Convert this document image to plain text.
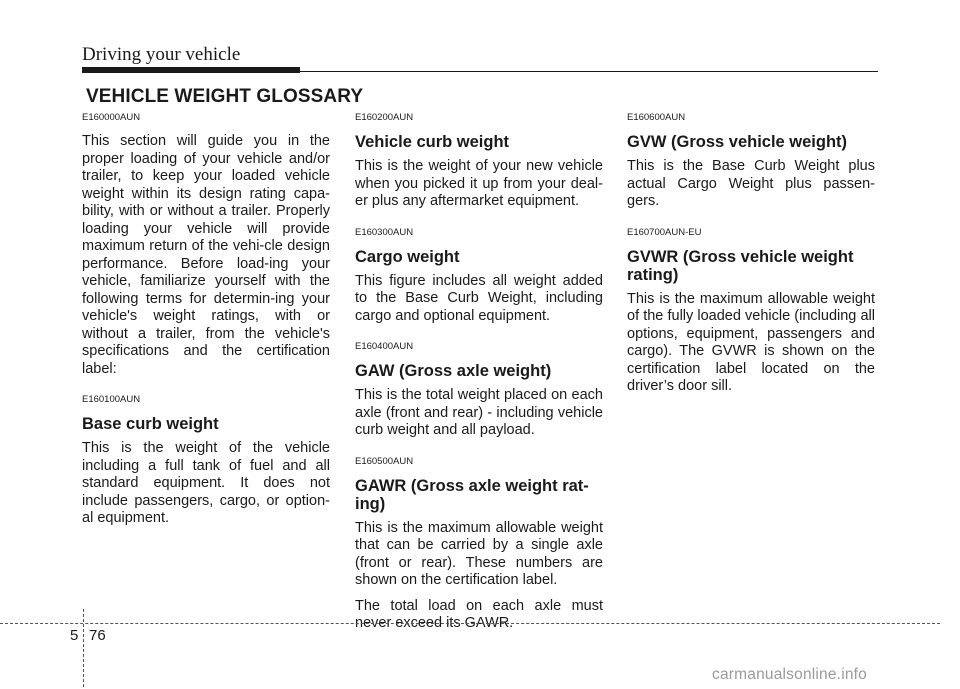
Driving your vehicle
VEHICLE WEIGHT GLOSSARY

E160000AUN

This section will guide you in the proper loading of your vehicle and/or trailer, to keep your loaded vehicle weight within its design rating capa-bility, with or without a trailer. Properly loading your vehicle will provide maximum return of the vehi-cle design performance. Before load-ing your vehicle, familiarize yourself with the following terms for determin-ing your vehicle's weight ratings, with or without a trailer, from the vehicle's specifications and the certification label:

E160100AUN

Base curb weight

This is the weight of the vehicle including a full tank of fuel and all standard equipment. It does not include passengers, cargo, or option-al equipment.

E160200AUN

Vehicle curb weight

This is the weight of your new vehicle when you picked it up from your deal-er plus any aftermarket equipment.

E160300AUN

Cargo weight

This figure includes all weight added to the Base Curb Weight, including cargo and optional equipment.

E160400AUN

GAW (Gross axle weight)

This is the total weight placed on each axle (front and rear) - including vehicle curb weight and all payload.

E160500AUN

GAWR (Gross axle weight rat-ing)

This is the maximum allowable weight that can be carried by a single axle (front or rear). These numbers are shown on the certification label.

The total load on each axle must never exceed its GAWR.

E160600AUN

GVW (Gross vehicle weight)

This is the Base Curb Weight plus actual Cargo Weight plus passen-gers.

E160700AUN-EU

GVWR (Gross vehicle weight rating)

This is the maximum allowable weight of the fully loaded vehicle (including all options, equipment, passengers and cargo). The GVWR is shown on the certification label located on the driver’s door sill.

5 76
carmanualsonline.info
